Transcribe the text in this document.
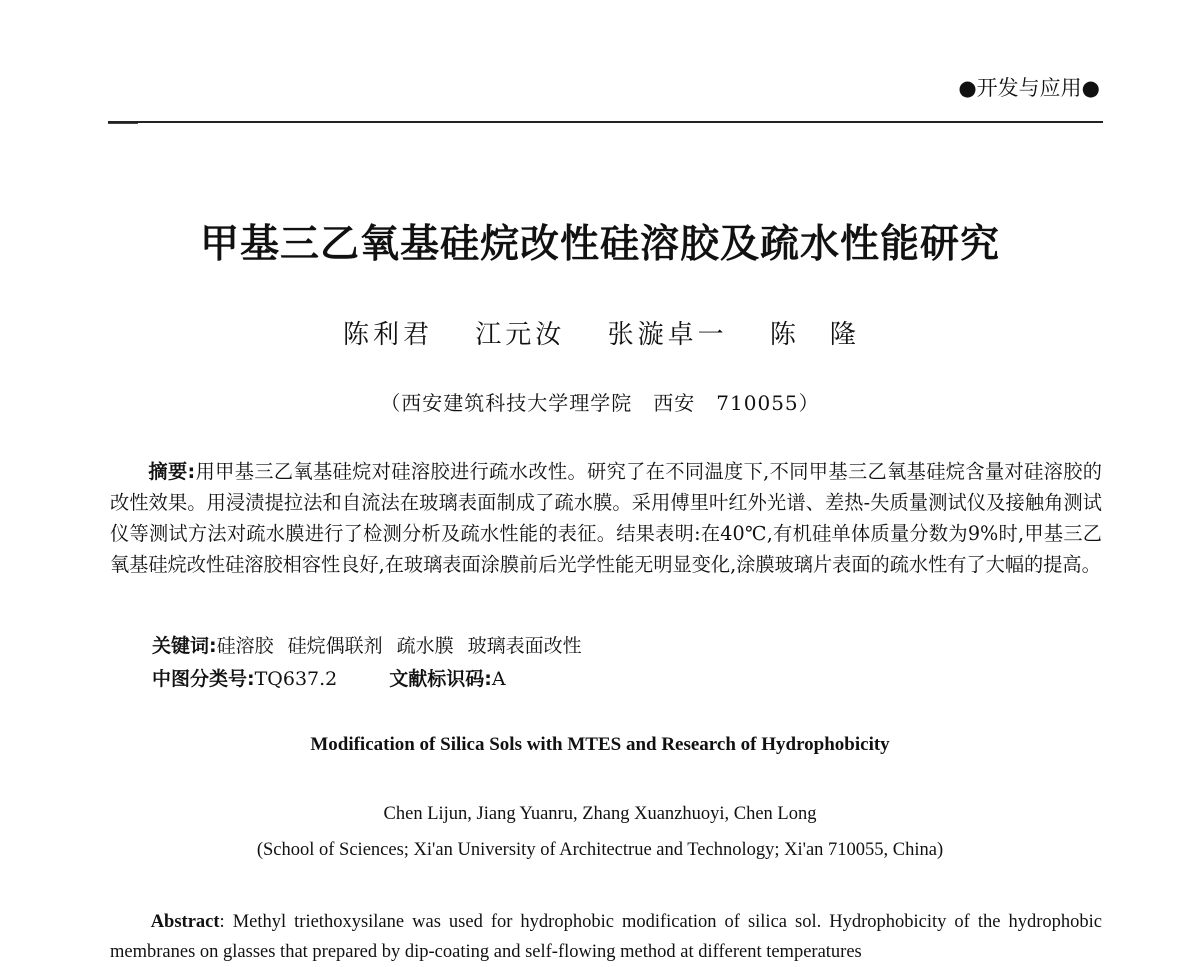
●开发与应用●
甲基三乙氧基硅烷改性硅溶胶及疏水性能研究
陈利君 江元汝 张漩卓一 陈　隆
（西安建筑科技大学理学院　西安　710055）
摘要:用甲基三乙氧基硅烷对硅溶胶进行疏水改性。研究了在不同温度下,不同甲基三乙氧基硅烷含量对硅溶胶的改性效果。用浸渍提拉法和自流法在玻璃表面制成了疏水膜。采用傅里叶红外光谱、差热-失质量测试仪及接触角测试仪等测试方法对疏水膜进行了检测分析及疏水性能的表征。结果表明:在40℃,有机硅单体质量分数为9%时,甲基三乙氧基硅烷改性硅溶胶相容性良好,在玻璃表面涂膜前后光学性能无明显变化,涂膜玻璃片表面的疏水性有了大幅的提高。
关键词:硅溶胶 硅烷偶联剂 疏水膜 玻璃表面改性
中图分类号:TQ637.2	文献标识码:A
Modification of Silica Sols with MTES and Research of Hydrophobicity
Chen Lijun, Jiang Yuanru, Zhang Xuanzhuoyi, Chen Long
(School of Sciences; Xi'an University of Architectrue and Technology; Xi'an 710055, China)
Abstract: Methyl triethoxysilane was used for hydrophobic modification of silica sol. Hydrophobicity of the hydrophobic membranes on glasses that prepared by dip-coating and self-flowing method at different temperatures
